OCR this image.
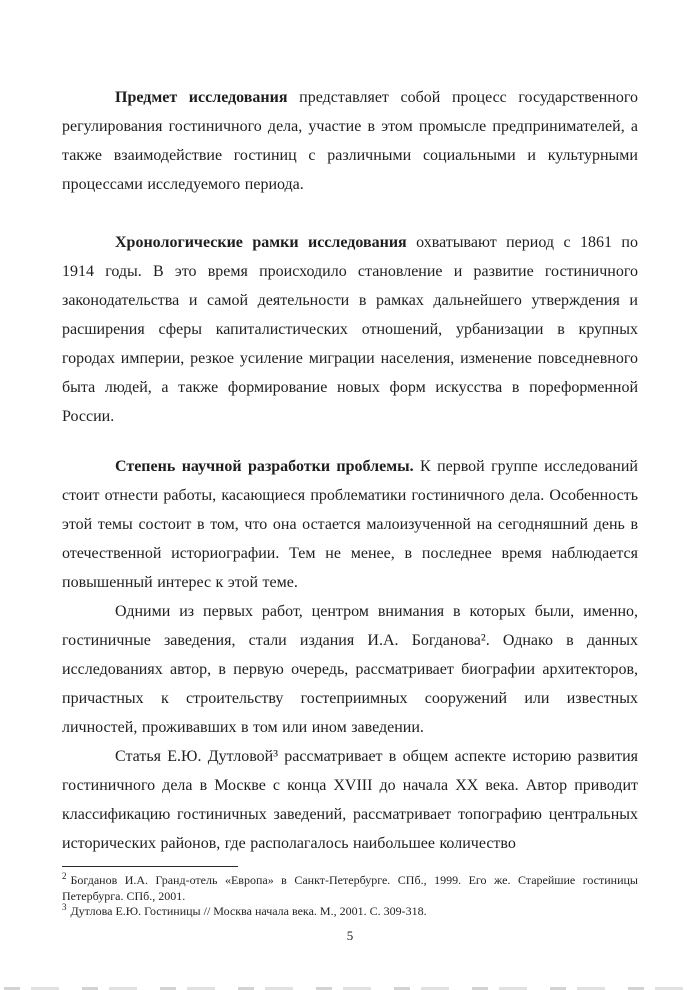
Предмет исследования представляет собой процесс государственного регулирования гостиничного дела, участие в этом промысле предпринимателей, а также взаимодействие гостиниц с различными социальными и культурными процессами исследуемого периода.

Хронологические рамки исследования охватывают период с 1861 по 1914 годы. В это время происходило становление и развитие гостиничного законодательства и самой деятельности в рамках дальнейшего утверждения и расширения сферы капиталистических отношений, урбанизации в крупных городах империи, резкое усиление миграции населения, изменение повседневного быта людей, а также формирование новых форм искусства в пореформенной России.

Степень научной разработки проблемы. К первой группе исследований стоит отнести работы, касающиеся проблематики гостиничного дела. Особенность этой темы состоит в том, что она остается малоизученной на сегодняшний день в отечественной историографии. Тем не менее, в последнее время наблюдается повышенный интерес к этой теме.

Одними из первых работ, центром внимания в которых были, именно, гостиничные заведения, стали издания И.А. Богданова². Однако в данных исследованиях автор, в первую очередь, рассматривает биографии архитекторов, причастных к строительству гостеприимных сооружений или известных личностей, проживавших в том или ином заведении.

Статья Е.Ю. Дутловой³ рассматривает в общем аспекте историю развития гостиничного дела в Москве с конца XVIII до начала XX века. Автор приводит классификацию гостиничных заведений, рассматривает топографию центральных исторических районов, где располагалось наибольшее количество

$^2$ Богданов И.А. Гранд-отель «Европа» в Санкт-Петербурге. СПб., 1999. Его же. Старейшие гостиницы Петербурга. СПб., 2001.

$^3$ Дутлова Е.Ю. Гостиницы // Москва начала века. М., 2001. С. 309-318.

5
